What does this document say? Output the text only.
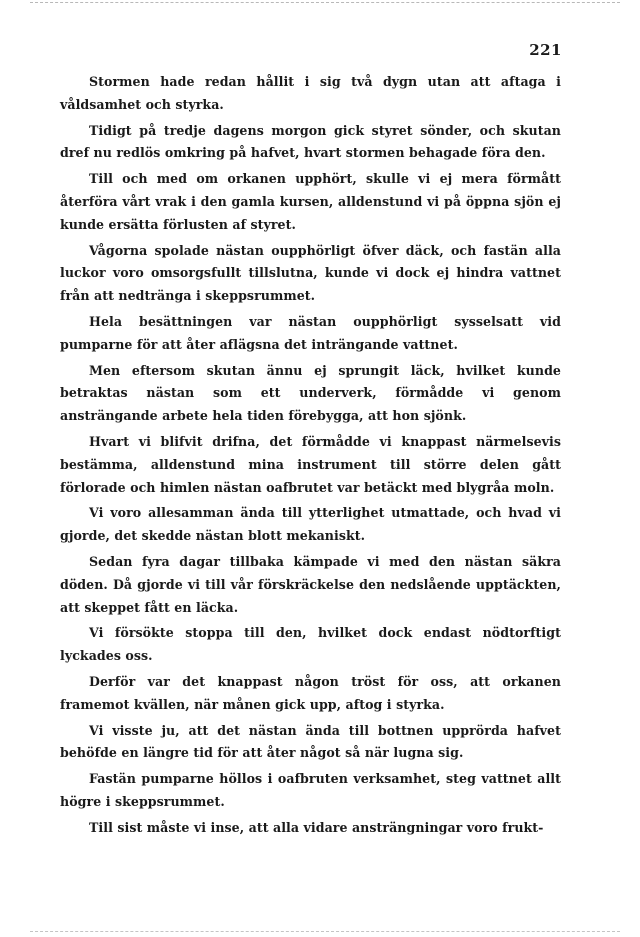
221

Stormen hade redan hållit i sig två dygn utan att aftaga i våldsamhet och styrka.

Tidigt på tredje dagens morgon gick styret sönder, och skutan dref nu redlös omkring på hafvet, hvart stormen behagade föra den.

Till och med om orkanen upphört, skulle vi ej mera förmått återföra vårt vrak i den gamla kursen, alldenstund vi på öppna sjön ej kunde ersätta förlusten af styret.

Vågorna spolade nästan oupphörligt öfver däck, och fastän alla luckor voro omsorgsfullt tillslutna, kunde vi dock ej hindra vattnet från att nedtränga i skeppsrummet.

Hela besättningen var nästan oupphörligt sysselsatt vid pumparne för att åter aflägsna det inträngande vattnet.

Men eftersom skutan ännu ej sprungit läck, hvilket kunde betraktas nästan som ett underverk, förmådde vi genom ansträngande arbete hela tiden förebygga, att hon sjönk.

Hvart vi blifvit drifna, det förmådde vi knappast närmelsevis bestämma, alldenstund mina instrument till större delen gått förlorade och himlen nästan oafbrutet var betäckt med blygråa moln.

Vi voro allesamman ända till ytterlighet utmattade, och hvad vi gjorde, det skedde nästan blott mekaniskt.

Sedan fyra dagar tillbaka kämpade vi med den nästan säkra döden. Då gjorde vi till vår förskräckelse den nedslående upptäckten, att skeppet fått en läcka.

Vi försökte stoppa till den, hvilket dock endast nödtorftigt lyckades oss.

Derför var det knappast någon tröst för oss, att orkanen framemot kvällen, när månen gick upp, aftog i styrka.

Vi visste ju, att det nästan ända till bottnen upprörda hafvet behöfde en längre tid för att åter något så när lugna sig.

Fastän pumparne höllos i oafbruten verksamhet, steg vattnet allt högre i skeppsrummet.

Till sist måste vi inse, att alla vidare ansträngningar voro frukt-
